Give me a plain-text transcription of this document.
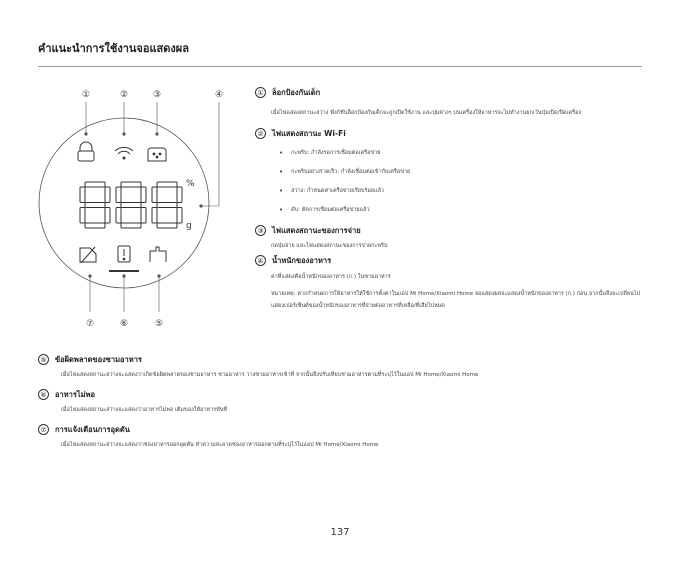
คำแนะนำการใช้งานจอแสดงผล
①	②	③	④
⑦	⑥	⑤
%
g
①	ล็อกป้องกันเด็ก
เมื่อไฟแสดงสถานะสว่าง ฟังก์ชันล็อกป้องกันเด็กจะถูกเปิดใช้งาน และปุ่มต่างๆ บนเครื่องให้อาหารจะไม่ทำงานยกเว้นปุ่มเปิด/ปิดเครื่อง
②	ไฟแสดงสถานะ Wi-Fi
• กะพริบ: กำลังรอการเชื่อมต่อเครือข่าย
• กะพริบอย่างรวดเร็ว: กำลังเชื่อมต่อเข้ากับเครือข่าย
• สว่าง: กำหนดค่าเครือข่ายเรียบร้อยแล้ว
• ดับ: ตัดการเชื่อมต่อเครือข่ายแล้ว
③	ไฟแสดงสถานะของการจ่าย
กดปุ่มจ่าย และไฟแสดงสถานะของการจ่ายกะพริบ
④	น้ำหนักของอาหาร
ค่าที่แสดงคือน้ำหนักของอาหาร (ก.) ในชามอาหาร
หมายเหตุ: หากกำหนดการให้อาหารให้ใช้การตั้งค่าในแอป Mi Home/Xiaomi Home จอแสดงผลจะแสดงน้ำหนักของอาหาร (ก.) ก่อน จากนั้นจึงจะเปลี่ยนไปแสดงเปอร์เซ็นต์ของน้ำหนักของอาหารที่จ่ายต่ออาหารที่เหลือ/ที่เสียไปหมด
⑤	ข้อผิดพลาดของชามอาหาร
เมื่อไฟแสดงสถานะสว่างจะแสดงว่าเกิดข้อผิดพลาดของชามอาหาร ชามอาหาร วางชามอาหารเข้าที่ จากนั้นจึงปรับเทียบชามอาหารตามที่ระบุไว้ในแอป Mi Home/Xiaomi Home
⑥	อาหารไม่พอ
เมื่อไฟแสดงสถานะสว่างจะแสดงว่าอาหารไม่พอ เติมของให้อาหารทันที
⑦	การแจ้งเตือนการอุดตัน
เมื่อไฟแสดงสถานะสว่างจะแสดงว่าช่องอาหารออกอุดตัน ทำความสะอาดช่องอาหารออกตามที่ระบุไว้ในแอป Mi Home/Xiaomi Home
137
